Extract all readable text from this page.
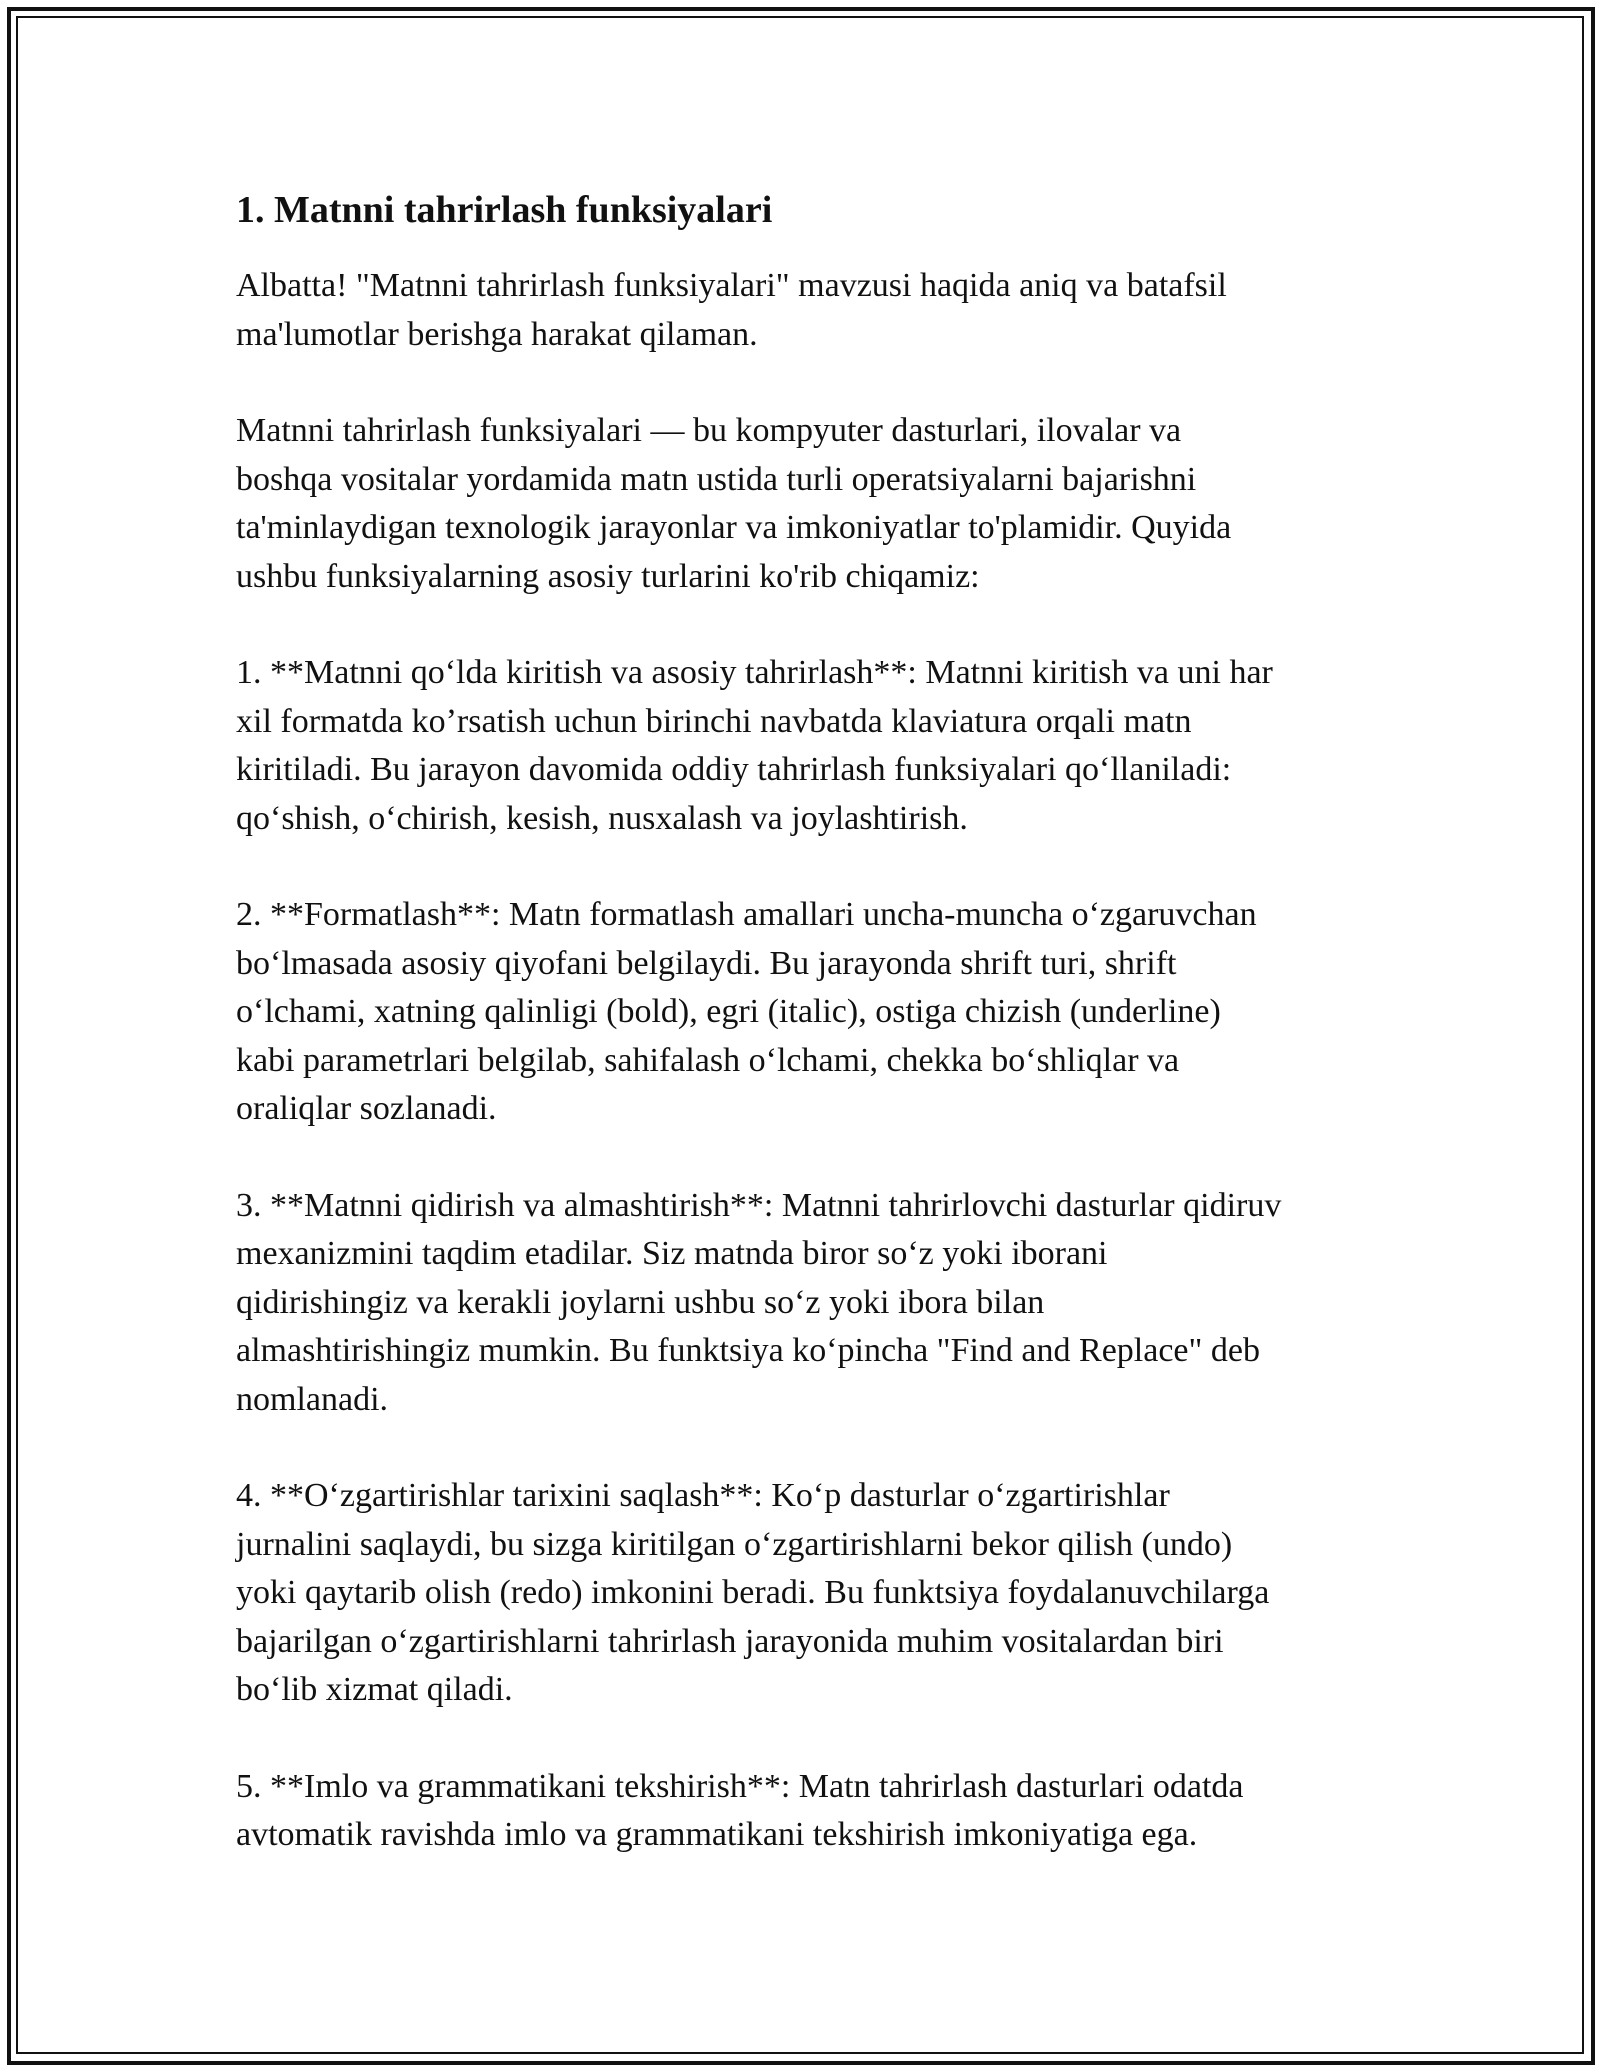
1. Matnni tahrirlash funksiyalari

Albatta! "Matnni tahrirlash funksiyalari" mavzusi haqida aniq va batafsil
ma'lumotlar berishga harakat qilaman.

Matnni tahrirlash funksiyalari — bu kompyuter dasturlari, ilovalar va
boshqa vositalar yordamida matn ustida turli operatsiyalarni bajarishni
ta'minlaydigan texnologik jarayonlar va imkoniyatlar to'plamidir. Quyida
ushbu funksiyalarning asosiy turlarini ko'rib chiqamiz:

1. **Matnni qoʻlda kiritish va asosiy tahrirlash**: Matnni kiritish va uni har
xil formatda koʼrsatish uchun birinchi navbatda klaviatura orqali matn
kiritiladi. Bu jarayon davomida oddiy tahrirlash funksiyalari qoʻllaniladi:
qoʻshish, oʻchirish, kesish, nusxalash va joylashtirish.

2. **Formatlash**: Matn formatlash amallari uncha-muncha oʻzgaruvchan
boʻlmasada asosiy qiyofani belgilaydi. Bu jarayonda shrift turi, shrift
oʻlchami, xatning qalinligi (bold), egri (italic), ostiga chizish (underline)
kabi parametrlari belgilab, sahifalash oʻlchami, chekka boʻshliqlar va
oraliqlar sozlanadi.

3. **Matnni qidirish va almashtirish**: Matnni tahrirlovchi dasturlar qidiruv
mexanizmini taqdim etadilar. Siz matnda biror soʻz yoki iborani
qidirishingiz va kerakli joylarni ushbu soʻz yoki ibora bilan
almashtirishingiz mumkin. Bu funktsiya koʻpincha "Find and Replace" deb
nomlanadi.

4. **Oʻzgartirishlar tarixini saqlash**: Koʻp dasturlar oʻzgartirishlar
jurnalini saqlaydi, bu sizga kiritilgan oʻzgartirishlarni bekor qilish (undo)
yoki qaytarib olish (redo) imkonini beradi. Bu funktsiya foydalanuvchilarga
bajarilgan oʻzgartirishlarni tahrirlash jarayonida muhim vositalardan biri
boʻlib xizmat qiladi.

5. **Imlo va grammatikani tekshirish**: Matn tahrirlash dasturlari odatda
avtomatik ravishda imlo va grammatikani tekshirish imkoniyatiga ega.
